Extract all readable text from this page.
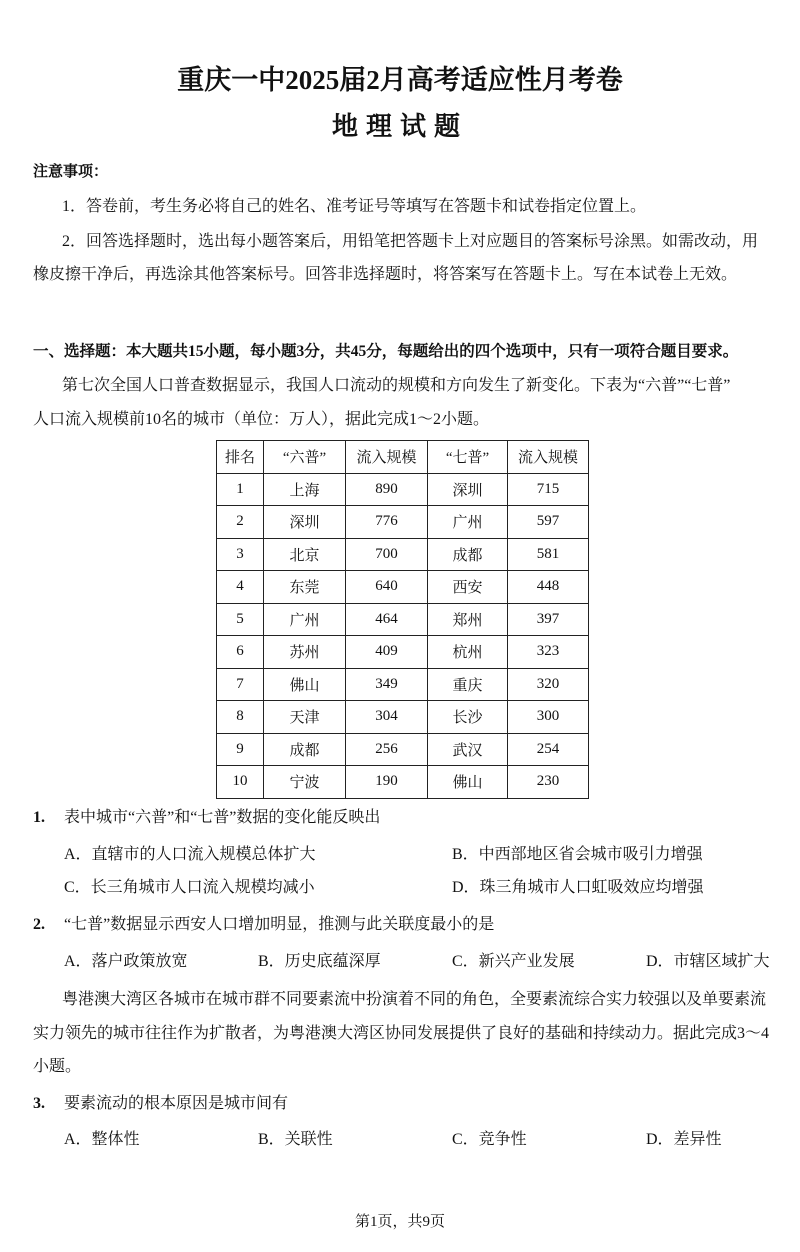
重庆一中2025届2月高考适应性月考卷
地理试题
注意事项：
1．答卷前，考生务必将自己的姓名、准考证号等填写在答题卡和试卷指定位置上。
2．回答选择题时，选出每小题答案后，用铅笔把答题卡上对应题目的答案标号涂黑。如需改动，用
橡皮擦干净后，再选涂其他答案标号。回答非选择题时，将答案写在答题卡上。写在本试卷上无效。
一、选择题：本大题共15小题，每小题3分，共45分，每题给出的四个选项中，只有一项符合题目要求。
第七次全国人口普查数据显示，我国人口流动的规模和方向发生了新变化。下表为“六普”“七普”
人口流入规模前10名的城市（单位：万人），据此完成1～2小题。
排名	“六普”	流入规模	“七普”	流入规模
1	上海	890	深圳	715
2	深圳	776	广州	597
3	北京	700	成都	581
4	东莞	640	西安	448
5	广州	464	郑州	397
6	苏州	409	杭州	323
7	佛山	349	重庆	320
8	天津	304	长沙	300
9	成都	256	武汉	254
10	宁波	190	佛山	230
1. 表中城市“六普”和“七普”数据的变化能反映出
A．直辖市的人口流入规模总体扩大	B．中西部地区省会城市吸引力增强
C．长三角城市人口流入规模均减小	D．珠三角城市人口虹吸效应均增强
2. “七普”数据显示西安人口增加明显，推测与此关联度最小的是
A．落户政策放宽	B．历史底蕴深厚	C．新兴产业发展	D．市辖区域扩大
粤港澳大湾区各城市在城市群不同要素流中扮演着不同的角色，全要素流综合实力较强以及单要素流
实力领先的城市往往作为扩散者，为粤港澳大湾区协同发展提供了良好的基础和持续动力。据此完成3～4
小题。
3. 要素流动的根本原因是城市间有
A．整体性	B．关联性	C．竞争性	D．差异性
第1页，共9页
